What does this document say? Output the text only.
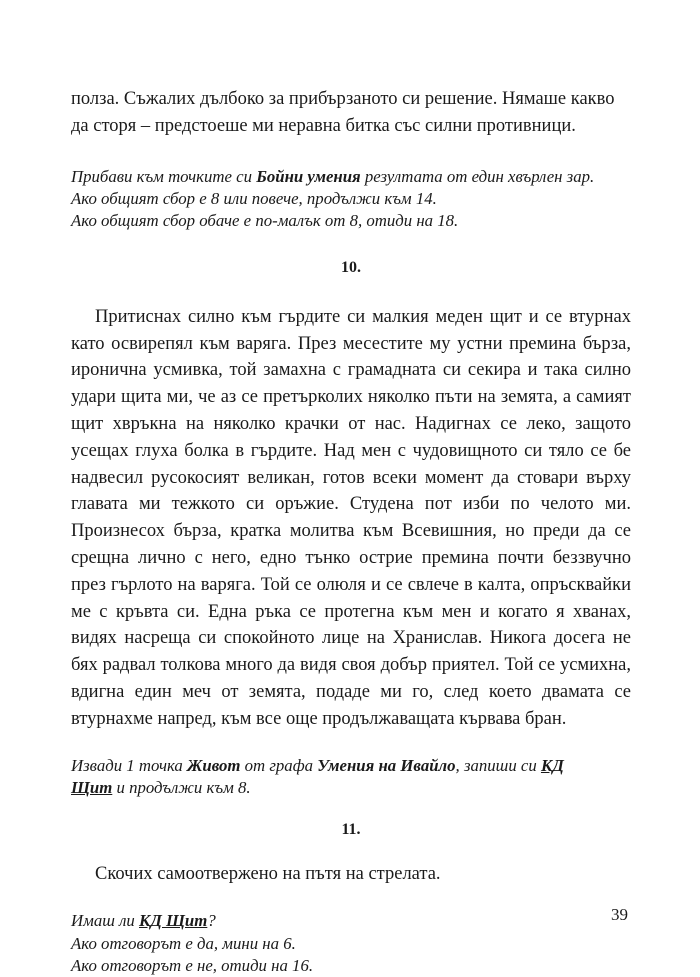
полза. Съжалих дълбоко за прибързаното си решение. Нямаше какво
да сторя – предстоеше ми неравна битка със силни противници.

Прибави към точките си Бойни умения резултата от един хвърлен зар.
Ако общият сбор е 8 или повече, продължи към 14.
Ако общият сбор обаче е по-малък от 8, отиди на 18.

10.

Притиснах силно към гърдите си малкия меден щит и се втурнах като освирепял към варяга. През месестите му устни премина бърза, иронична усмивка, той замахна с грамадната си секира и така силно удари щита ми, че аз се претърколих няколко пъти на земята, а самият щит хвръкна на няколко крачки от нас. Надигнах се леко, защото усещах глуха болка в гърдите. Над мен с чудовищното си тяло се бе надвесил русокосият великан, готов всеки момент да стовари върху главата ми тежкото си оръжие. Студена пот изби по челото ми. Произнесох бърза, кратка молитва към Всевишния, но преди да се срещна лично с него, едно тънко острие премина почти беззвучно през гърлото на варяга. Той се олюля и се свлече в калта, опръсквайки ме с кръвта си. Една ръка се протегна към мен и когато я хванах, видях насреща си спокойното лице на Хранислав. Никога досега не бях радвал толкова много да видя своя добър приятел. Той се усмихна, вдигна един меч от земята, подаде ми го, след което двамата се втурнахме напред, към все още продължаващата кървава бран.

Извади 1 точка Живот от графа Умения на Ивайло, запиши си КД
Щит и продължи към 8.

11.

Скочих самоотвержено на пътя на стрелата.

Имаш ли КД Щит?
Ако отговорът е да, мини на 6.
Ако отговорът е не, отиди на 16.
39
